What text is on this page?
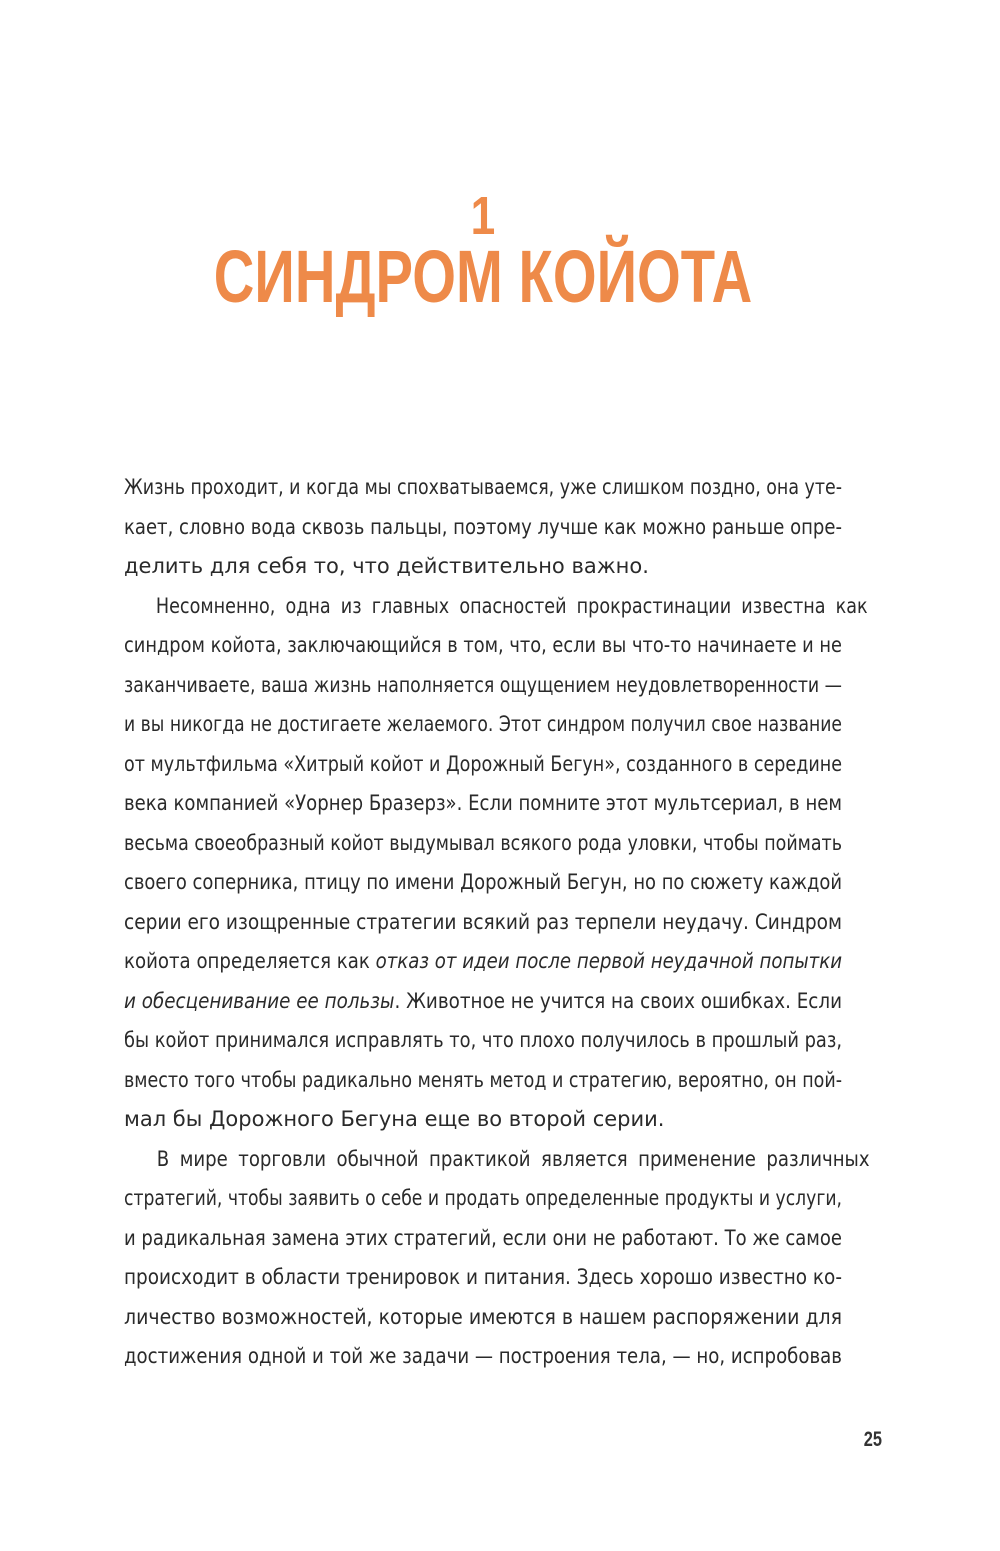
1
СИНДРОМ КОЙОТА
Жизнь проходит, и когда мы спохватываемся, уже слишком поздно, она уте-
кает, словно вода сквозь пальцы, поэтому лучше как можно раньше опре-
делить для себя то, что действительно важно.
Несомненно, одна из главных опасностей прокрастинации известна как
синдром койота, заключающийся в том, что, если вы что-то начинаете и не
заканчиваете, ваша жизнь наполняется ощущением неудовлетворенности —
и вы никогда не достигаете желаемого. Этот синдром получил свое название
от мультфильма «Хитрый койот и Дорожный Бегун», созданного в середине
века компанией «Уорнер Бразерз». Если помните этот мультсериал, в нем
весьма своеобразный койот выдумывал всякого рода уловки, чтобы поймать
своего соперника, птицу по имени Дорожный Бегун, но по сюжету каждой
серии его изощренные стратегии всякий раз терпели неудачу. Синдром
койота определяется как отказ от идеи после первой неудачной попытки
и обесценивание ее пользы. Животное не учится на своих ошибках. Если
бы койот принимался исправлять то, что плохо получилось в прошлый раз,
вместо того чтобы радикально менять метод и стратегию, вероятно, он пой-
мал бы Дорожного Бегуна еще во второй серии.
В мире торговли обычной практикой является применение различных
стратегий, чтобы заявить о себе и продать определенные продукты и услуги,
и радикальная замена этих стратегий, если они не работают. То же самое
происходит в области тренировок и питания. Здесь хорошо известно ко-
личество возможностей, которые имеются в нашем распоряжении для
достижения одной и той же задачи — построения тела, — но, испробовав
25
